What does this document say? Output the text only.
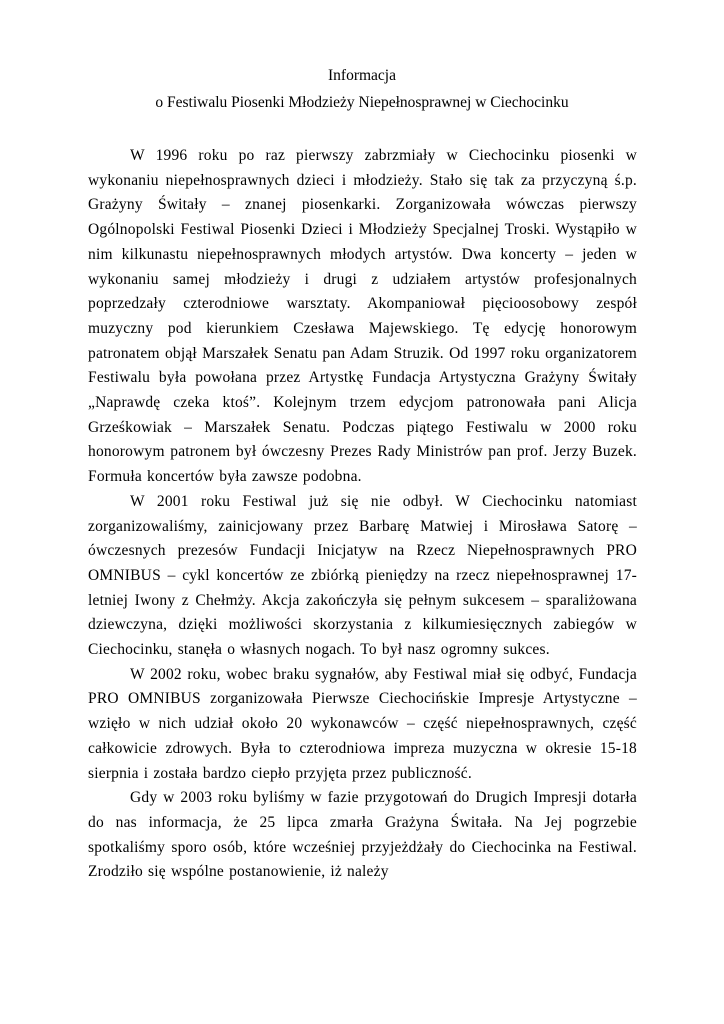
Informacja
o Festiwalu Piosenki Młodzieży Niepełnosprawnej w Ciechocinku

W 1996 roku po raz pierwszy zabrzmiały w Ciechocinku piosenki w wykonaniu niepełnosprawnych dzieci i młodzieży. Stało się tak za przyczyną ś.p. Grażyny Świtały – znanej piosenkarki. Zorganizowała wówczas pierwszy Ogólnopolski Festiwal Piosenki Dzieci i Młodzieży Specjalnej Troski. Wystąpiło w nim kilkunastu niepełnosprawnych młodych artystów. Dwa koncerty – jeden w wykonaniu samej młodzieży i drugi z udziałem artystów profesjonalnych poprzedzały czterodniowe warsztaty. Akompaniował pięcioosobowy zespół muzyczny pod kierunkiem Czesława Majewskiego. Tę edycję honorowym patronatem objął Marszałek Senatu pan Adam Struzik. Od 1997 roku organizatorem Festiwalu była powołana przez Artystkę Fundacja Artystyczna Grażyny Świtały „Naprawdę czeka ktoś”. Kolejnym trzem edycjom patronowała pani Alicja Grześkowiak – Marszałek Senatu. Podczas piątego Festiwalu w 2000 roku honorowym patronem był ówczesny Prezes Rady Ministrów pan prof. Jerzy Buzek. Formuła koncertów była zawsze podobna.

W 2001 roku Festiwal już się nie odbył. W Ciechocinku natomiast zorganizowaliśmy, zainicjowany przez Barbarę Matwiej i Mirosława Satorę – ówczesnych prezesów Fundacji Inicjatyw na Rzecz Niepełnosprawnych PRO OMNIBUS – cykl koncertów ze zbiórką pieniędzy na rzecz niepełnosprawnej 17-letniej Iwony z Chełmży. Akcja zakończyła się pełnym sukcesem – sparaliżowana dziewczyna, dzięki możliwości skorzystania z kilkumiesięcznych zabiegów w Ciechocinku, stanęła o własnych nogach. To był nasz ogromny sukces.

W 2002 roku, wobec braku sygnałów, aby Festiwal miał się odbyć, Fundacja PRO OMNIBUS zorganizowała Pierwsze Ciechocińskie Impresje Artystyczne – wzięło w nich udział około 20 wykonawców – część niepełnosprawnych, część całkowicie zdrowych. Była to czterodniowa impreza muzyczna w okresie 15-18 sierpnia i została bardzo ciepło przyjęta przez publiczność.

Gdy w 2003 roku byliśmy w fazie przygotowań do Drugich Impresji dotarła do nas informacja, że 25 lipca zmarła Grażyna Świtała. Na Jej pogrzebie spotkaliśmy sporo osób, które wcześniej przyjeżdżały do Ciechocinka na Festiwal. Zrodziło się wspólne postanowienie, iż należy
